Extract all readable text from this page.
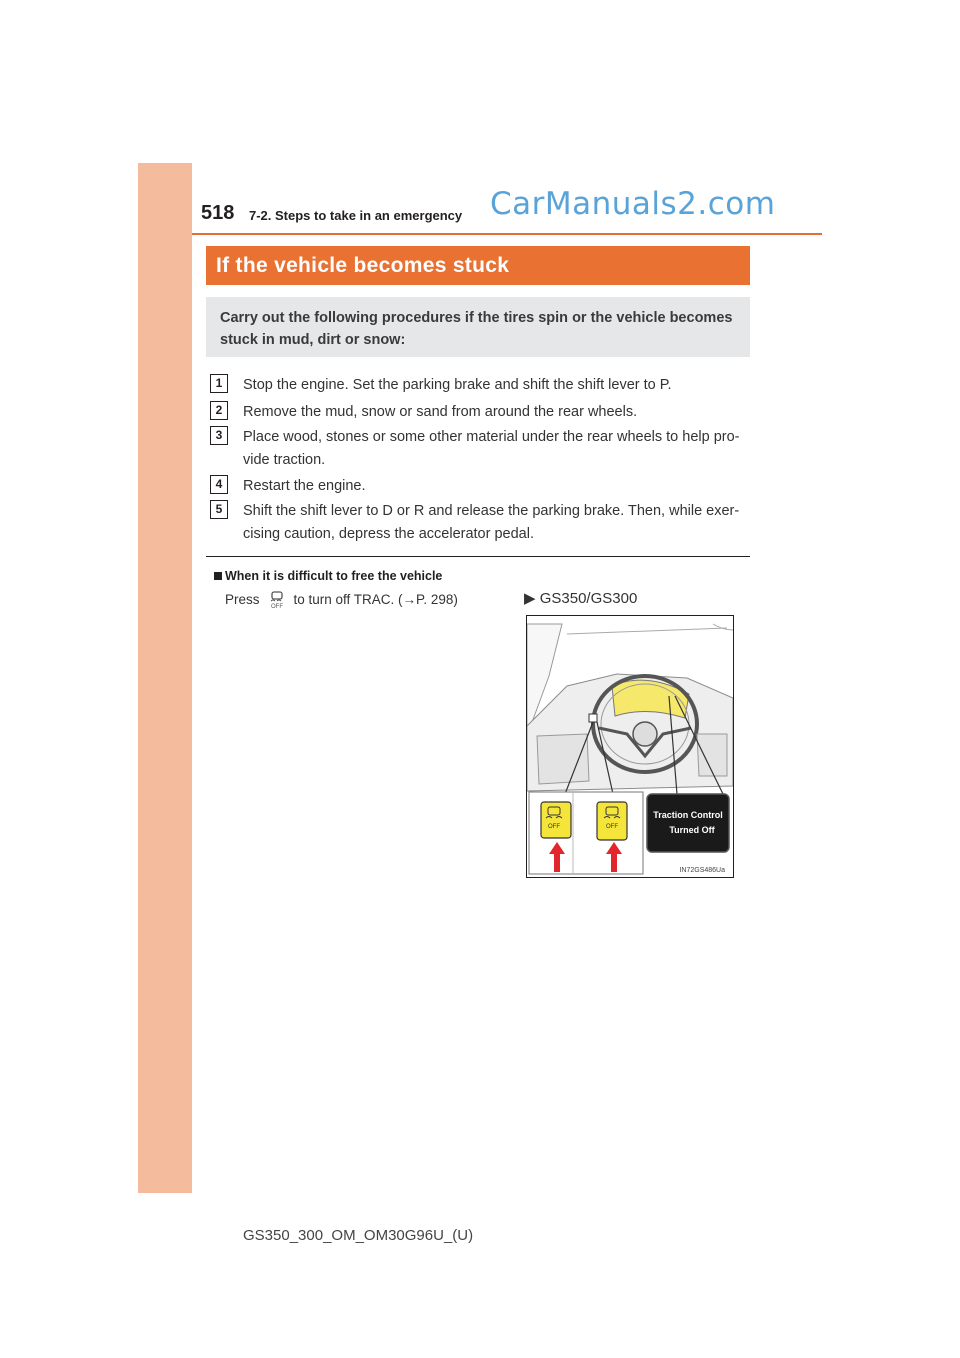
518 7-2. Steps to take in an emergency CarManuals2.com
If the vehicle becomes stuck
Carry out the following procedures if the tires spin or the vehicle becomes stuck in mud, dirt or snow:
1	Stop the engine. Set the parking brake and shift the shift lever to P.
2	Remove the mud, snow or sand from around the rear wheels.
3	Place wood, stones or some other material under the rear wheels to help pro-vide traction.
4	Restart the engine.
5	Shift the shift lever to D or R and release the parking brake. Then, while exer-cising caution, depress the accelerator pedal.
When it is difficult to free the vehicle
Press OFF to turn off TRAC. (→P. 298)	▶ GS350/GS300
OFF	OFF
Traction Control
Turned Off
IN72GS486Ua
GS350_300_OM_OM30G96U_(U)
